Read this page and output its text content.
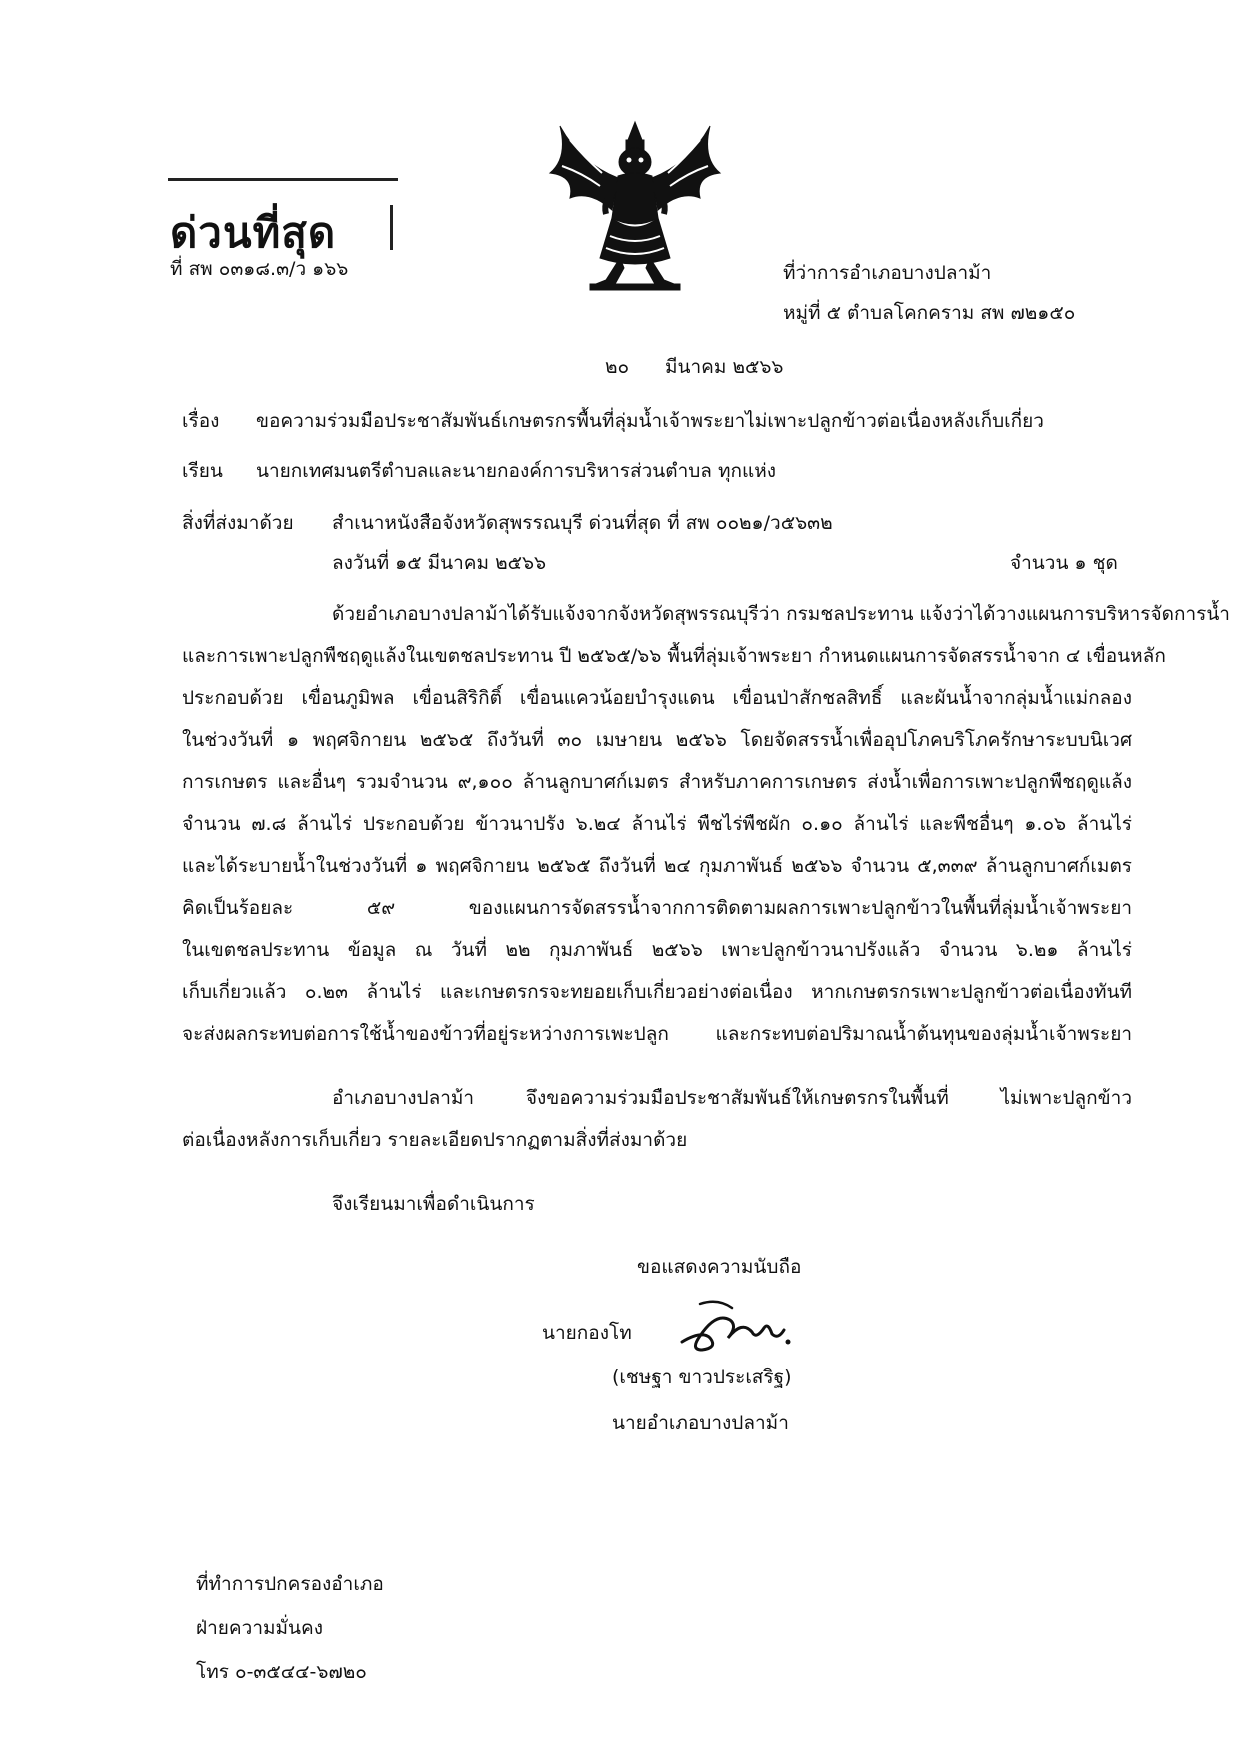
ด่วนที่สุด
ที่ สพ ๐๓๑๘.๓/ว ๑๖๖	ที่ว่าการอำเภอบางปลาม้า
หมู่ที่ ๕ ตำบลโคกคราม สพ ๗๒๑๕๐
๒๐ มีนาคม ๒๕๖๖
เรื่อง ขอความร่วมมือประชาสัมพันธ์เกษตรกรพื้นที่ลุ่มน้ำเจ้าพระยาไม่เพาะปลูกข้าวต่อเนื่องหลังเก็บเกี่ยว
เรียน นายกเทศมนตรีตำบลและนายกองค์การบริหารส่วนตำบล ทุกแห่ง
สิ่งที่ส่งมาด้วย สำเนาหนังสือจังหวัดสุพรรณบุรี ด่วนที่สุด ที่ สพ ๐๐๒๑/ว๕๖๓๒
ลงวันที่ ๑๕ มีนาคม ๒๕๖๖	จำนวน ๑ ชุด
ด้วยอำเภอบางปลาม้าได้รับแจ้งจากจังหวัดสุพรรณบุรีว่า กรมชลประทาน แจ้งว่าได้วางแผนการบริหารจัดการน้ำ
และการเพาะปลูกพืชฤดูแล้งในเขตชลประทาน ปี ๒๕๖๕/๖๖ พื้นที่ลุ่มเจ้าพระยา กำหนดแผนการจัดสรรน้ำจาก ๔ เขื่อนหลัก
ประกอบด้วย เขื่อนภูมิพล เขื่อนสิริกิติ์ เขื่อนแควน้อยบำรุงแดน เขื่อนป่าสักชลสิทธิ์ และผันน้ำจากลุ่มน้ำแม่กลอง
ในช่วงวันที่ ๑ พฤศจิกายน ๒๕๖๕ ถึงวันที่ ๓๐ เมษายน ๒๕๖๖ โดยจัดสรรน้ำเพื่ออุปโภคบริโภครักษาระบบนิเวศ
การเกษตร และอื่นๆ รวมจำนวน ๙,๑๐๐ ล้านลูกบาศก์เมตร สำหรับภาคการเกษตร ส่งน้ำเพื่อการเพาะปลูกพืชฤดูแล้ง
จำนวน ๗.๘ ล้านไร่ ประกอบด้วย ข้าวนาปรัง ๖.๒๔ ล้านไร่ พืชไร่พืชผัก ๐.๑๐ ล้านไร่ และพืชอื่นๆ ๑.๐๖ ล้านไร่
และได้ระบายน้ำในช่วงวันที่ ๑ พฤศจิกายน ๒๕๖๕ ถึงวันที่ ๒๔ กุมภาพันธ์ ๒๕๖๖ จำนวน ๕,๓๓๙ ล้านลูกบาศก์เมตร
คิดเป็นร้อยละ ๕๙ ของแผนการจัดสรรน้ำจากการติดตามผลการเพาะปลูกข้าวในพื้นที่ลุ่มน้ำเจ้าพระยา
ในเขตชลประทาน ข้อมูล ณ วันที่ ๒๒ กุมภาพันธ์ ๒๕๖๖ เพาะปลูกข้าวนาปรังแล้ว จำนวน ๖.๒๑ ล้านไร่
เก็บเกี่ยวแล้ว ๐.๒๓ ล้านไร่ และเกษตรกรจะทยอยเก็บเกี่ยวอย่างต่อเนื่อง หากเกษตรกรเพาะปลูกข้าวต่อเนื่องทันที
จะส่งผลกระทบต่อการใช้น้ำของข้าวที่อยู่ระหว่างการเพะปลูก และกระทบต่อปริมาณน้ำต้นทุนของลุ่มน้ำเจ้าพระยา
อำเภอบางปลาม้า จึงขอความร่วมมือประชาสัมพันธ์ให้เกษตรกรในพื้นที่ ไม่เพาะปลูกข้าว
ต่อเนื่องหลังการเก็บเกี่ยว รายละเอียดปรากฏตามสิ่งที่ส่งมาด้วย
จึงเรียนมาเพื่อดำเนินการ
ขอแสดงความนับถือ
นายกองโท
(เชษฐา ขาวประเสริฐ)
นายอำเภอบางปลาม้า
ที่ทำการปกครองอำเภอ
ฝ่ายความมั่นคง
โทร ๐-๓๕๔๔-๖๗๒๐
